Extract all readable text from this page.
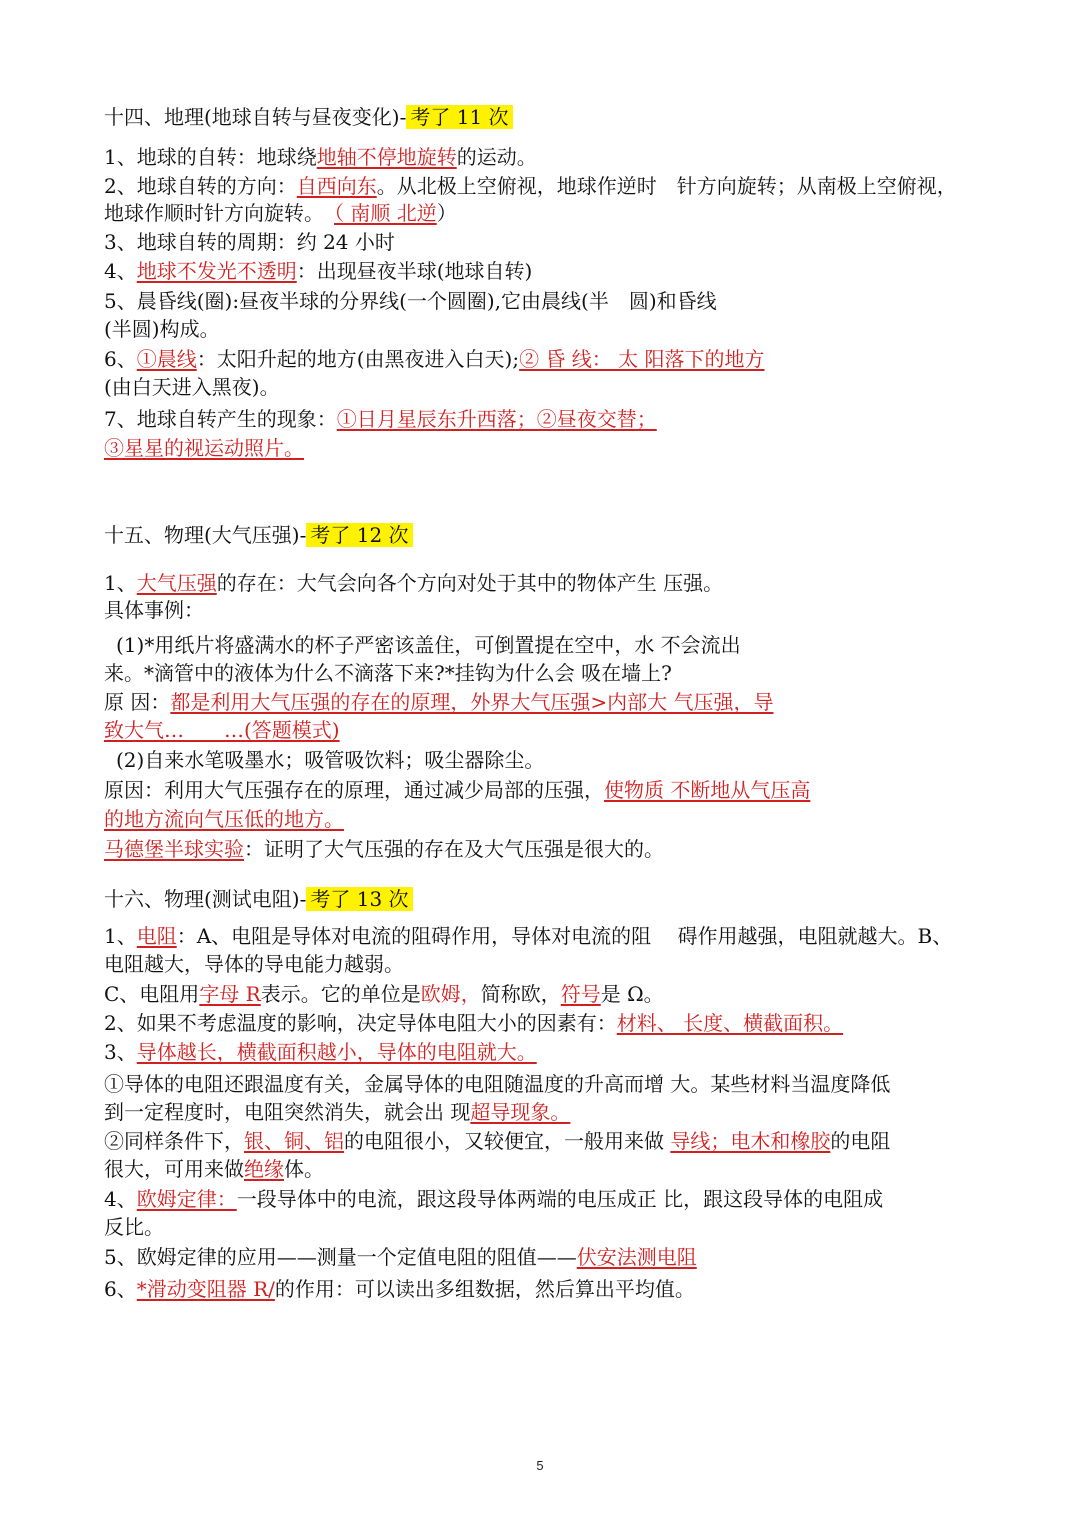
十四、地理(地球自转与昼夜变化)- 考了 11 次
1、地球的自转：地球绕地轴不停地旋转的运动。
2、地球自转的方向：自西向东。从北极上空俯视，地球作逆时　针方向旋转；从南极上空俯视，
地球作顺时针方向旋转。　（ 南顺 北逆）
3、地球自转的周期：约 24 小时
4、地球不发光不透明：出现昼夜半球(地球自转)
5、晨昏线(圈):昼夜半球的分界线(一个圆圈),它由晨线(半　圆)和昏线
(半圆)构成。
6、①晨线：太阳升起的地方(由黑夜进入白天);② 昏 线： 太 阳落下的地方
(由白天进入黑夜)。
7、地球自转产生的现象：①日月星辰东升西落；②昼夜交替；
③星星的视运动照片。
十五、物理(大气压强)- 考了 12 次
1、大气压强的存在：大气会向各个方向对处于其中的物体产生 压强。
具体事例：
(1)*用纸片将盛满水的杯子严密该盖住，可倒置提在空中，水 不会流出
来。*滴管中的液体为什么不滴落下来?*挂钩为什么会 吸在墙上?
原 因：都是利用大气压强的存在的原理，外界大气压强>内部大 气压强，导
致大气…　　…(答题模式)
(2)自来水笔吸墨水；吸管吸饮料；吸尘器除尘。
原因：利用大气压强存在的原理，通过减少局部的压强，使物质 不断地从气压高
的地方流向气压低的地方。
马德堡半球实验：证明了大气压强的存在及大气压强是很大的。
十六、物理(测试电阻)- 考了 13 次
1、电阻：A、电阻是导体对电流的阻碍作用，导体对电流的阻　 碍作用越强，电阻就越大。B、
电阻越大，导体的导电能力越弱。
C、电阻用字母 R表示。它的单位是欧姆，简称欧，符号是 Ω。
2、如果不考虑温度的影响，决定导体电阻大小的因素有：材料、 长度、横截面积。
3、导体越长，横截面积越小，导体的电阻就大。
①导体的电阻还跟温度有关，金属导体的电阻随温度的升高而增 大。某些材料当温度降低
到一定程度时，电阻突然消失，就会出 现超导现象。
②同样条件下，银、铜、铝的电阻很小，又较便宜，一般用来做 导线；电木和橡胶的电阻
很大，可用来做绝缘体。
4、欧姆定律：一段导体中的电流，跟这段导体两端的电压成正 比，跟这段导体的电阻成
反比。
5、欧姆定律的应用——测量一个定值电阻的阻值——伏安法测电阻
6、*滑动变阻器 R/的作用：可以读出多组数据，然后算出平均值。
5
